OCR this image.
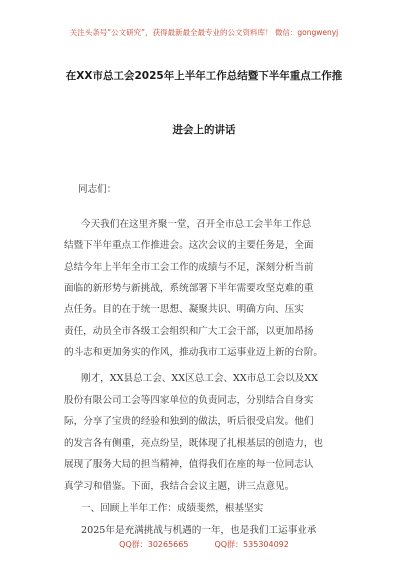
关注头条号“公文研究”，获得最新最全最专业的公文资料库！ 微信：gongwenyj
在XX市总工会2025年上半年工作总结暨下半年重点工作推
进会上的讲话
同志们：
今天我们在这里齐聚一堂，召开全市总工会半年工作总
结暨下半年重点工作推进会。这次会议的主要任务是，全面
总结今年上半年全市工会工作的成绩与不足，深刻分析当前
面临的新形势与新挑战，系统部署下半年需要攻坚克难的重
点任务。目的在于统一思想、凝聚共识、明确方向、压实
责任，动员全市各级工会组织和广大工会干部，以更加昂扬
的斗志和更加务实的作风，推动我市工运事业迈上新的台阶。
刚才，XX县总工会、XX区总工会、XX市总工会以及XX
股份有限公司工会等四家单位的负责同志，分别结合自身实
际，分享了宝贵的经验和独到的做法，听后很受启发。他们
的发言各有侧重，亮点纷呈，既体现了扎根基层的创造力，也
展现了服务大局的担当精神，值得我们在座的每一位同志认
真学习和借鉴。下面，我结合会议主题，讲三点意见。
一、回顾上半年工作：成绩斐然，根基坚实
2025年是充满挑战与机遇的一年，也是我们工运事业承
QQ群：30265665	QQ群：535304092
